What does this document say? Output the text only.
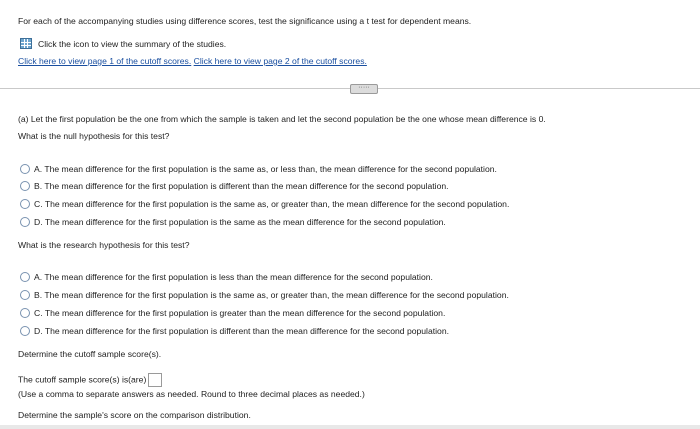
For each of the accompanying studies using difference scores, test the significance using a t test for dependent means.
Click the icon to view the summary of the studies.
Click here to view page 1 of the cutoff scores. Click here to view page 2 of the cutoff scores.
·····
(a) Let the first population be the one from which the sample is taken and let the second population be the one whose mean difference is 0.
What is the null hypothesis for this test?
A. The mean difference for the first population is the same as, or less than, the mean difference for the second population.
B. The mean difference for the first population is different than the mean difference for the second population.
C. The mean difference for the first population is the same as, or greater than, the mean difference for the second population.
D. The mean difference for the first population is the same as the mean difference for the second population.
What is the research hypothesis for this test?
A. The mean difference for the first population is less than the mean difference for the second population.
B. The mean difference for the first population is the same as, or greater than, the mean difference for the second population.
C. The mean difference for the first population is greater than the mean difference for the second population.
D. The mean difference for the first population is different than the mean difference for the second population.
Determine the cutoff sample score(s).
The cutoff sample score(s) is(are)
(Use a comma to separate answers as needed. Round to three decimal places as needed.)
Determine the sample's score on the comparison distribution.
